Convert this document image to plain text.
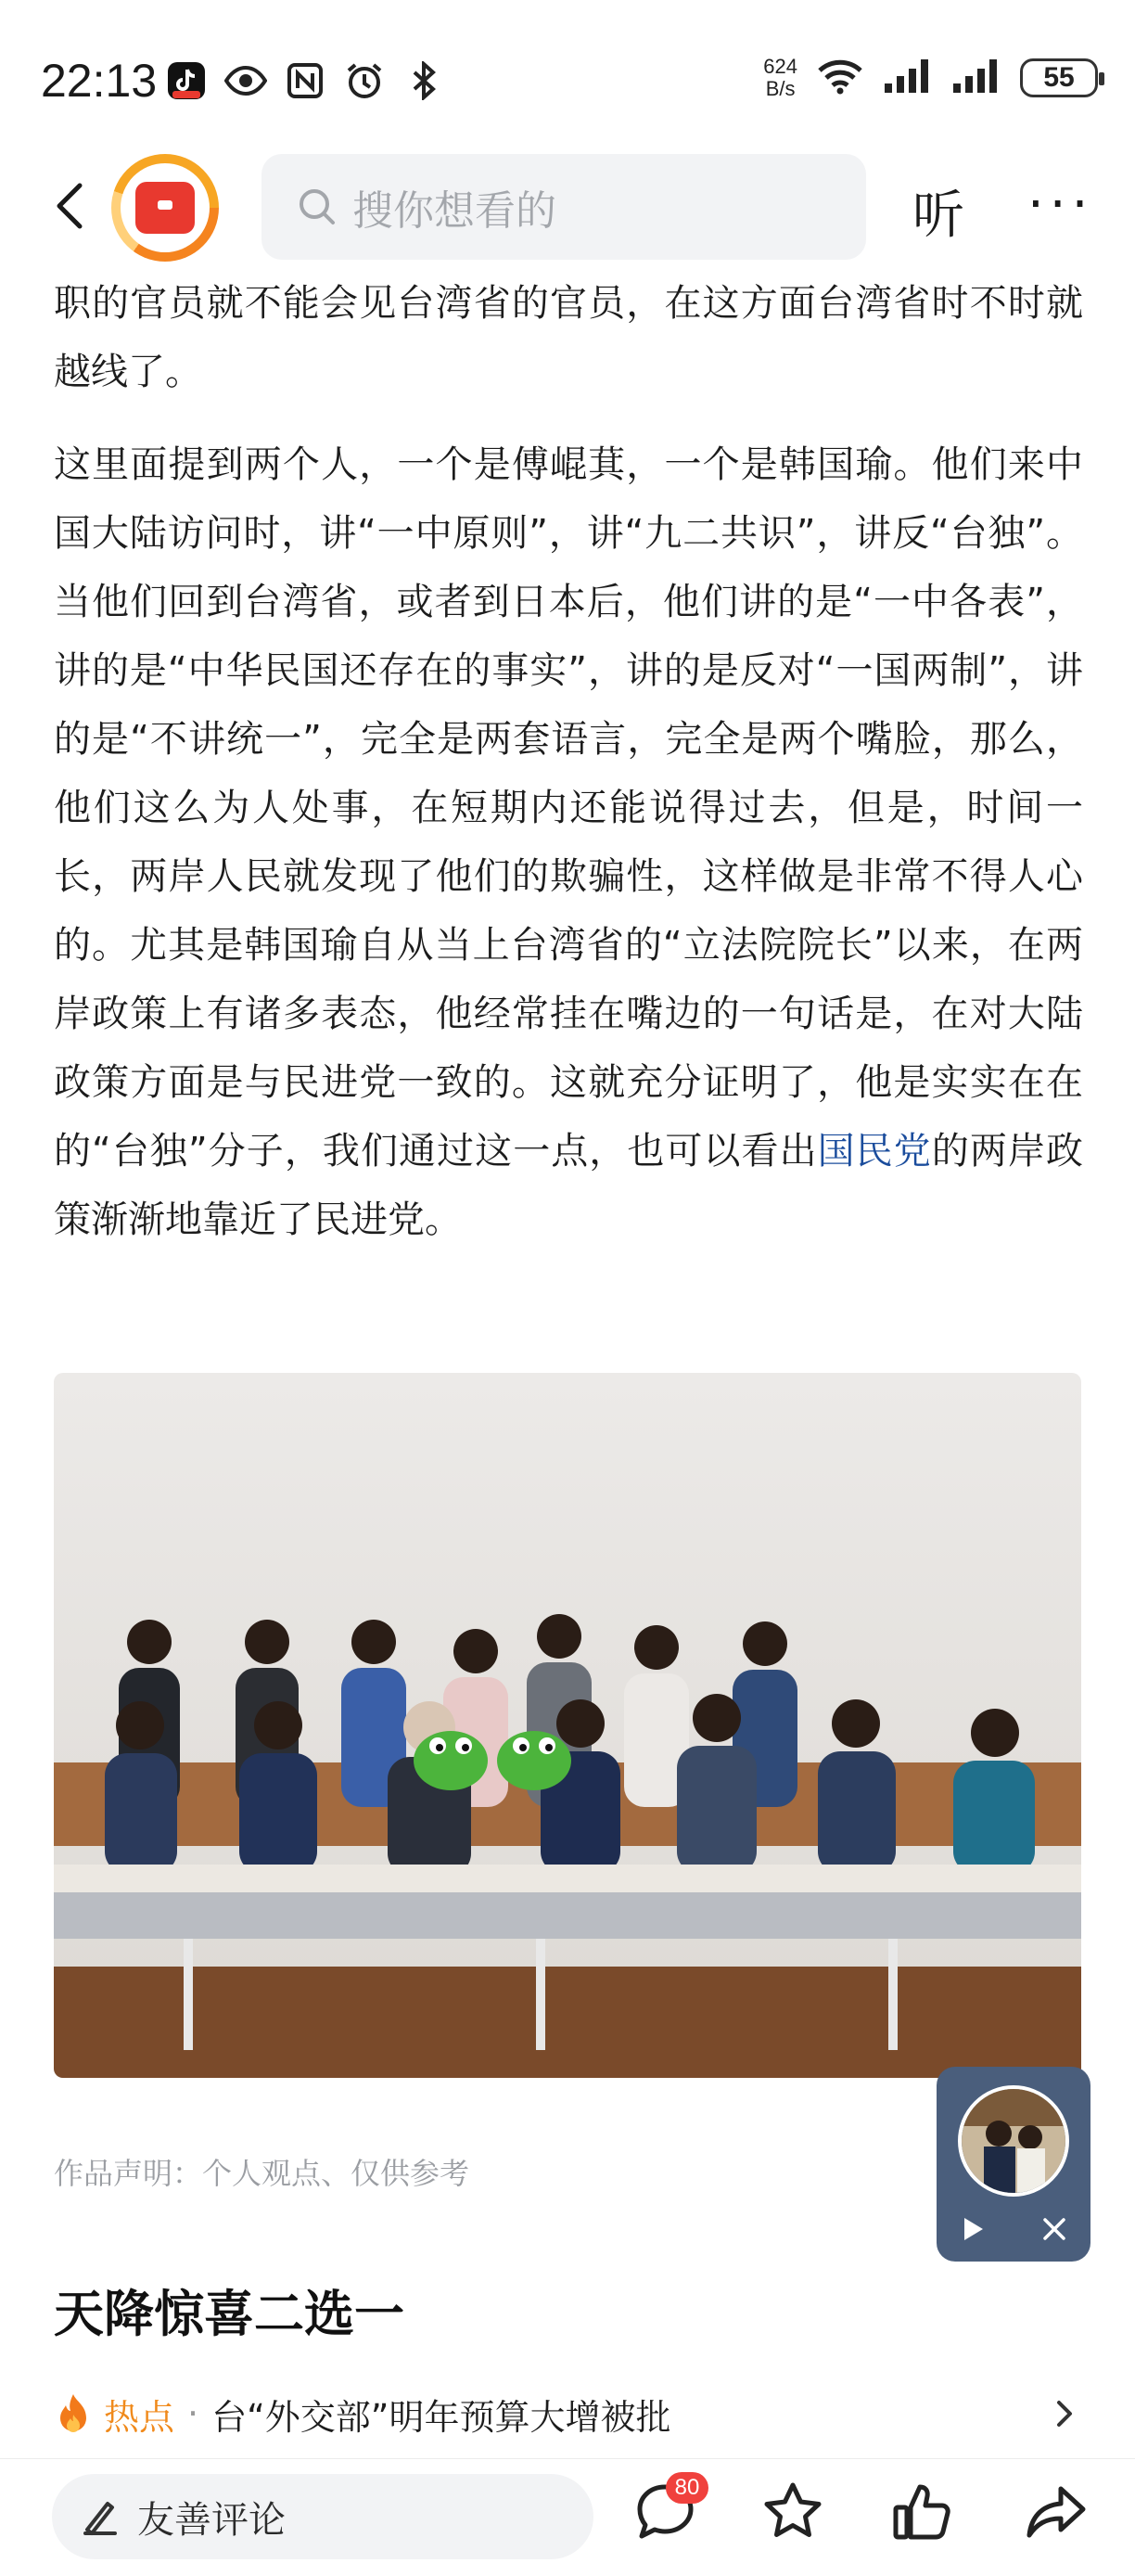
22:13	624
B/s	55
搜你想看的	听 ···

职的官员就不能会见台湾省的官员，在这方面台湾省时不时就越线了。

这里面提到两个人，一个是傅崐萁，一个是韩国瑜。他们来中国大陆访问时，讲“一中原则”，讲“九二共识”，讲反“台独”。当他们回到台湾省，或者到日本后，他们讲的是“一中各表”，讲的是“中华民国还存在的事实”，讲的是反对“一国两制”，讲的是“不讲统一”，完全是两套语言，完全是两个嘴脸，那么，他们这么为人处事，在短期内还能说得过去，但是，时间一长，两岸人民就发现了他们的欺骗性，这样做是非常不得人心的。尤其是韩国瑜自从当上台湾省的“立法院院长”以来，在两岸政策上有诸多表态，他经常挂在嘴边的一句话是，在对大陆政策方面是与民进党一致的。这就充分证明了，他是实实在在的“台独”分子，我们通过这一点，也可以看出国民党的两岸政策渐渐地靠近了民进党。

作品声明：个人观点、仅供参考
天降惊喜二选一
热点 · 台“外交部”明年预算大增被批
友善评论
80
